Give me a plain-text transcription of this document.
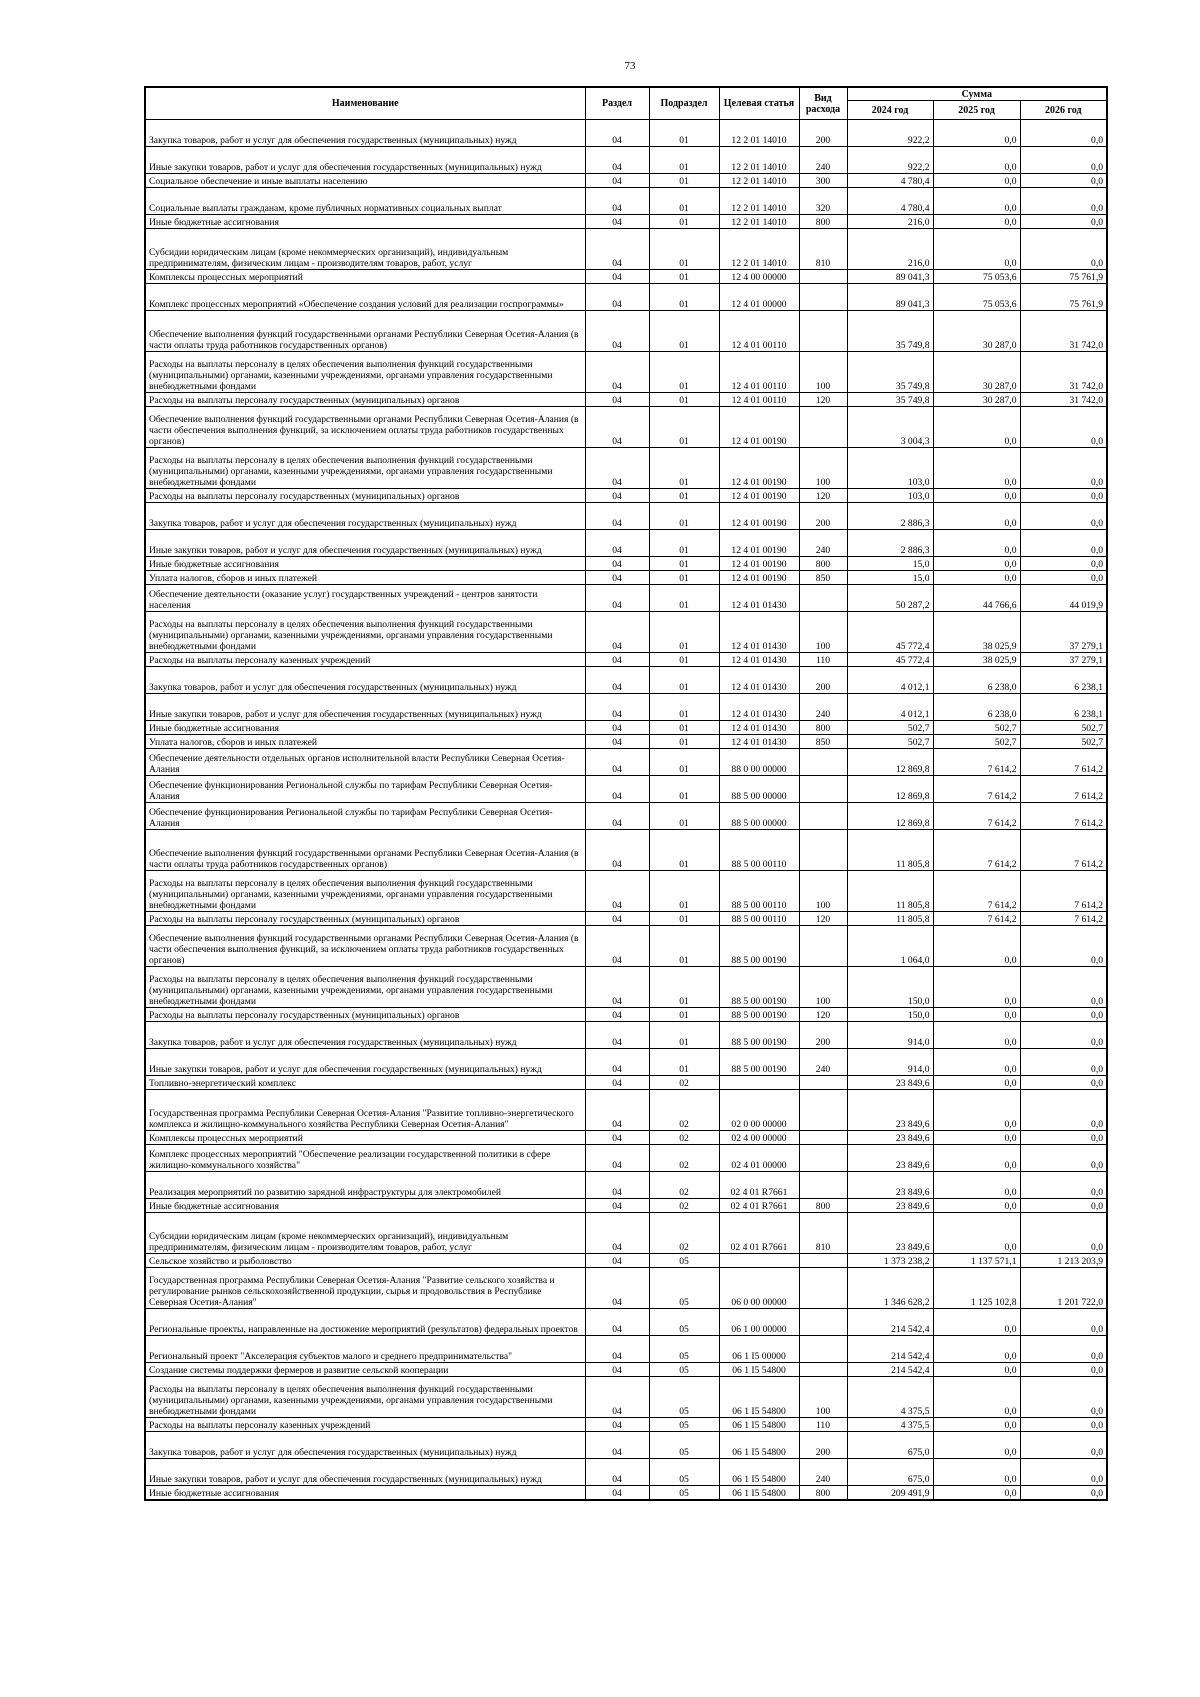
73
Наименование	Раздел	Подраздел	Целевая статья	Вид расхода	Сумма		
					2024 год	2025 год	2026 год
Закупка товаров, работ и услуг для обеспечения государственных (муниципальных) нужд	04	01	12 2 01 14010	200	922,2	0,0	0,0
Иные закупки товаров, работ и услуг для обеспечения государственных (муниципальных) нужд	04	01	12 2 01 14010	240	922,2	0,0	0,0
Социальное обеспечение и иные выплаты населению	04	01	12 2 01 14010	300	4 780,4	0,0	0,0
Социальные выплаты гражданам, кроме публичных нормативных социальных выплат	04	01	12 2 01 14010	320	4 780,4	0,0	0,0
Иные бюджетные ассигнования	04	01	12 2 01 14010	800	216,0	0,0	0,0
Субсидии юридическим лицам (кроме некоммерческих организаций), индивидуальным предпринимателям, физическим лицам - производителям товаров, работ, услуг	04	01	12 2 01 14010	810	216,0	0,0	0,0
Комплексы процессных мероприятий	04	01	12 4 00 00000		89 041,3	75 053,6	75 761,9
Комплекс процессных мероприятий «Обеспечение создания условий для реализации госпрограммы»	04	01	12 4 01 00000		89 041,3	75 053,6	75 761,9
Обеспечение выполнения функций государственными органами Республики Северная Осетия-Алания (в части оплаты труда работников государственных органов)	04	01	12 4 01 00110		35 749,8	30 287,0	31 742,0
Расходы на выплаты персоналу в целях обеспечения выполнения функций государственными (муниципальными) органами, казенными учреждениями, органами управления государственными внебюджетными фондами	04	01	12 4 01 00110	100	35 749,8	30 287,0	31 742,0
Расходы на выплаты персоналу государственных (муниципальных) органов	04	01	12 4 01 00110	120	35 749,8	30 287,0	31 742,0
Обеспечение выполнения функций государственными органами Республики Северная Осетия-Алания (в части обеспечения выполнения функций, за исключением оплаты труда работников государственных органов)	04	01	12 4 01 00190		3 004,3	0,0	0,0
Расходы на выплаты персоналу в целях обеспечения выполнения функций государственными (муниципальными) органами, казенными учреждениями, органами управления государственными внебюджетными фондами	04	01	12 4 01 00190	100	103,0	0,0	0,0
Расходы на выплаты персоналу государственных (муниципальных) органов	04	01	12 4 01 00190	120	103,0	0,0	0,0
Закупка товаров, работ и услуг для обеспечения государственных (муниципальных) нужд	04	01	12 4 01 00190	200	2 886,3	0,0	0,0
Иные закупки товаров, работ и услуг для обеспечения государственных (муниципальных) нужд	04	01	12 4 01 00190	240	2 886,3	0,0	0,0
Иные бюджетные ассигнования	04	01	12 4 01 00190	800	15,0	0,0	0,0
Уплата налогов, сборов и иных платежей	04	01	12 4 01 00190	850	15,0	0,0	0,0
Обеспечение деятельности (оказание услуг) государственных учреждений - центров занятости населения	04	01	12 4 01 01430		50 287,2	44 766,6	44 019,9
Расходы на выплаты персоналу в целях обеспечения выполнения функций государственными (муниципальными) органами, казенными учреждениями, органами управления государственными внебюджетными фондами	04	01	12 4 01 01430	100	45 772,4	38 025,9	37 279,1
Расходы на выплаты персоналу казенных учреждений	04	01	12 4 01 01430	110	45 772,4	38 025,9	37 279,1
Закупка товаров, работ и услуг для обеспечения государственных (муниципальных) нужд	04	01	12 4 01 01430	200	4 012,1	6 238,0	6 238,1
Иные закупки товаров, работ и услуг для обеспечения государственных (муниципальных) нужд	04	01	12 4 01 01430	240	4 012,1	6 238,0	6 238,1
Иные бюджетные ассигнования	04	01	12 4 01 01430	800	502,7	502,7	502,7
Уплата налогов, сборов и иных платежей	04	01	12 4 01 01430	850	502,7	502,7	502,7
Обеспечение деятельности отдельных органов исполнительной власти Республики Северная Осетия-Алания	04	01	88 0 00 00000		12 869,8	7 614,2	7 614,2
Обеспечение функционирования Региональной службы по тарифам Республики Северная Осетия-Алания	04	01	88 5 00 00000		12 869,8	7 614,2	7 614,2
Обеспечение функционирования Региональной службы по тарифам Республики Северная Осетия-Алания	04	01	88 5 00 00000		12 869,8	7 614,2	7 614,2
Обеспечение выполнения функций государственными органами Республики Северная Осетия-Алания (в части оплаты труда работников государственных органов)	04	01	88 5 00 00110		11 805,8	7 614,2	7 614,2
Расходы на выплаты персоналу в целях обеспечения выполнения функций государственными (муниципальными) органами, казенными учреждениями, органами управления государственными внебюджетными фондами	04	01	88 5 00 00110	100	11 805,8	7 614,2	7 614,2
Расходы на выплаты персоналу государственных (муниципальных) органов	04	01	88 5 00 00110	120	11 805,8	7 614,2	7 614,2
Обеспечение выполнения функций государственными органами Республики Северная Осетия-Алания (в части обеспечения выполнения функций, за исключением оплаты труда работников государственных органов)	04	01	88 5 00 00190		1 064,0	0,0	0,0
Расходы на выплаты персоналу в целях обеспечения выполнения функций государственными (муниципальными) органами, казенными учреждениями, органами управления государственными внебюджетными фондами	04	01	88 5 00 00190	100	150,0	0,0	0,0
Расходы на выплаты персоналу государственных (муниципальных) органов	04	01	88 5 00 00190	120	150,0	0,0	0,0
Закупка товаров, работ и услуг для обеспечения государственных (муниципальных) нужд	04	01	88 5 00 00190	200	914,0	0,0	0,0
Иные закупки товаров, работ и услуг для обеспечения государственных (муниципальных) нужд	04	01	88 5 00 00190	240	914,0	0,0	0,0
Топливно-энергетический комплекс	04	02			23 849,6	0,0	0,0
Государственная программа Республики Северная Осетия-Алания "Развитие топливно-энергетического комплекса и жилищно-коммунального хозяйства Республики Северная Осетия-Алания"	04	02	02 0 00 00000		23 849,6	0,0	0,0
Комплексы процессных мероприятий	04	02	02 4 00 00000		23 849,6	0,0	0,0
Комплекс процессных мероприятий "Обеспечение реализации государственной политики в сфере жилищно-коммунального хозяйства"	04	02	02 4 01 00000		23 849,6	0,0	0,0
Реализация мероприятий по развитию зарядной инфраструктуры для электромобилей	04	02	02 4 01 R7661		23 849,6	0,0	0,0
Иные бюджетные ассигнования	04	02	02 4 01 R7661	800	23 849,6	0,0	0,0
Субсидии юридическим лицам (кроме некоммерческих организаций), индивидуальным предпринимателям, физическим лицам - производителям товаров, работ, услуг	04	02	02 4 01 R7661	810	23 849,6	0,0	0,0
Сельское хозяйство и рыболовство	04	05			1 373 238,2	1 137 571,1	1 213 203,9
Государственная программа Республики Северная Осетия-Алания "Развитие сельского хозяйства и регулирование рынков сельскохозяйственной продукции, сырья и продовольствия в Республике Северная Осетия-Алания"	04	05	06 0 00 00000		1 346 628,2	1 125 102,8	1 201 722,0
Региональные проекты, направленные на достижение мероприятий (результатов) федеральных проектов	04	05	06 1 00 00000		214 542,4	0,0	0,0
Региональный проект "Акселерация субъектов малого и среднего предпринимательства"	04	05	06 1 I5 00000		214 542,4	0,0	0,0
Создание системы поддержки фермеров и развитие сельской кооперации	04	05	06 1 I5 54800		214 542,4	0,0	0,0
Расходы на выплаты персоналу в целях обеспечения выполнения функций государственными (муниципальными) органами, казенными учреждениями, органами управления государственными внебюджетными фондами	04	05	06 1 I5 54800	100	4 375,5	0,0	0,0
Расходы на выплаты персоналу казенных учреждений	04	05	06 1 I5 54800	110	4 375,5	0,0	0,0
Закупка товаров, работ и услуг для обеспечения государственных (муниципальных) нужд	04	05	06 1 I5 54800	200	675,0	0,0	0,0
Иные закупки товаров, работ и услуг для обеспечения государственных (муниципальных) нужд	04	05	06 1 I5 54800	240	675,0	0,0	0,0
Иные бюджетные ассигнования	04	05	06 1 I5 54800	800	209 491,9	0,0	0,0
